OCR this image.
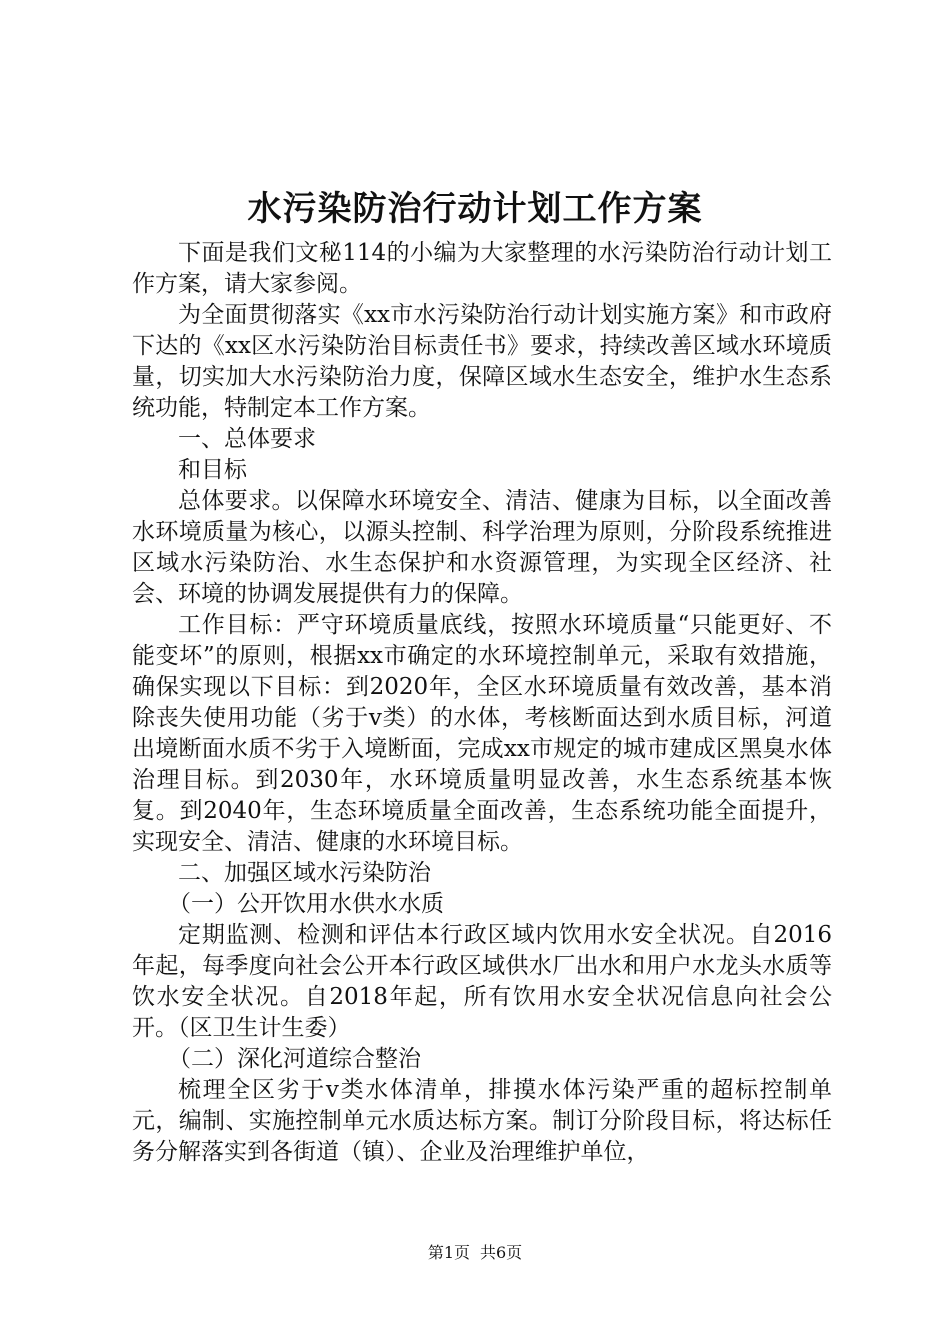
水污染防治行动计划工作方案

下面是我们文秘114的小编为大家整理的水污染防治行动计划工作方案，请大家参阅。

为全面贯彻落实《xx市水污染防治行动计划实施方案》和市政府下达的《xx区水污染防治目标责任书》要求，持续改善区域水环境质量，切实加大水污染防治力度，保障区域水生态安全，维护水生态系统功能，特制定本工作方案。

一、总体要求

和目标

总体要求。以保障水环境安全、清洁、健康为目标，以全面改善水环境质量为核心，以源头控制、科学治理为原则，分阶段系统推进区域水污染防治、水生态保护和水资源管理，为实现全区经济、社会、环境的协调发展提供有力的保障。

工作目标：严守环境质量底线，按照水环境质量“只能更好、不能变坏”的原则，根据xx市确定的水环境控制单元，采取有效措施，确保实现以下目标：到2020年，全区水环境质量有效改善，基本消除丧失使用功能（劣于v类）的水体，考核断面达到水质目标，河道出境断面水质不劣于入境断面，完成xx市规定的城市建成区黑臭水体治理目标。到2030年，水环境质量明显改善，水生态系统基本恢复。到2040年，生态环境质量全面改善，生态系统功能全面提升，实现安全、清洁、健康的水环境目标。

二、加强区域水污染防治

（一）公开饮用水供水水质

定期监测、检测和评估本行政区域内饮用水安全状况。自2016年起，每季度向社会公开本行政区域供水厂出水和用户水龙头水质等饮水安全状况。自2018年起，所有饮用水安全状况信息向社会公开。（区卫生计生委）

（二）深化河道综合整治

梳理全区劣于v类水体清单，排摸水体污染严重的超标控制单元，编制、实施控制单元水质达标方案。制订分阶段目标，将达标任务分解落实到各街道（镇）、企业及治理维护单位，

第1页 共6页
